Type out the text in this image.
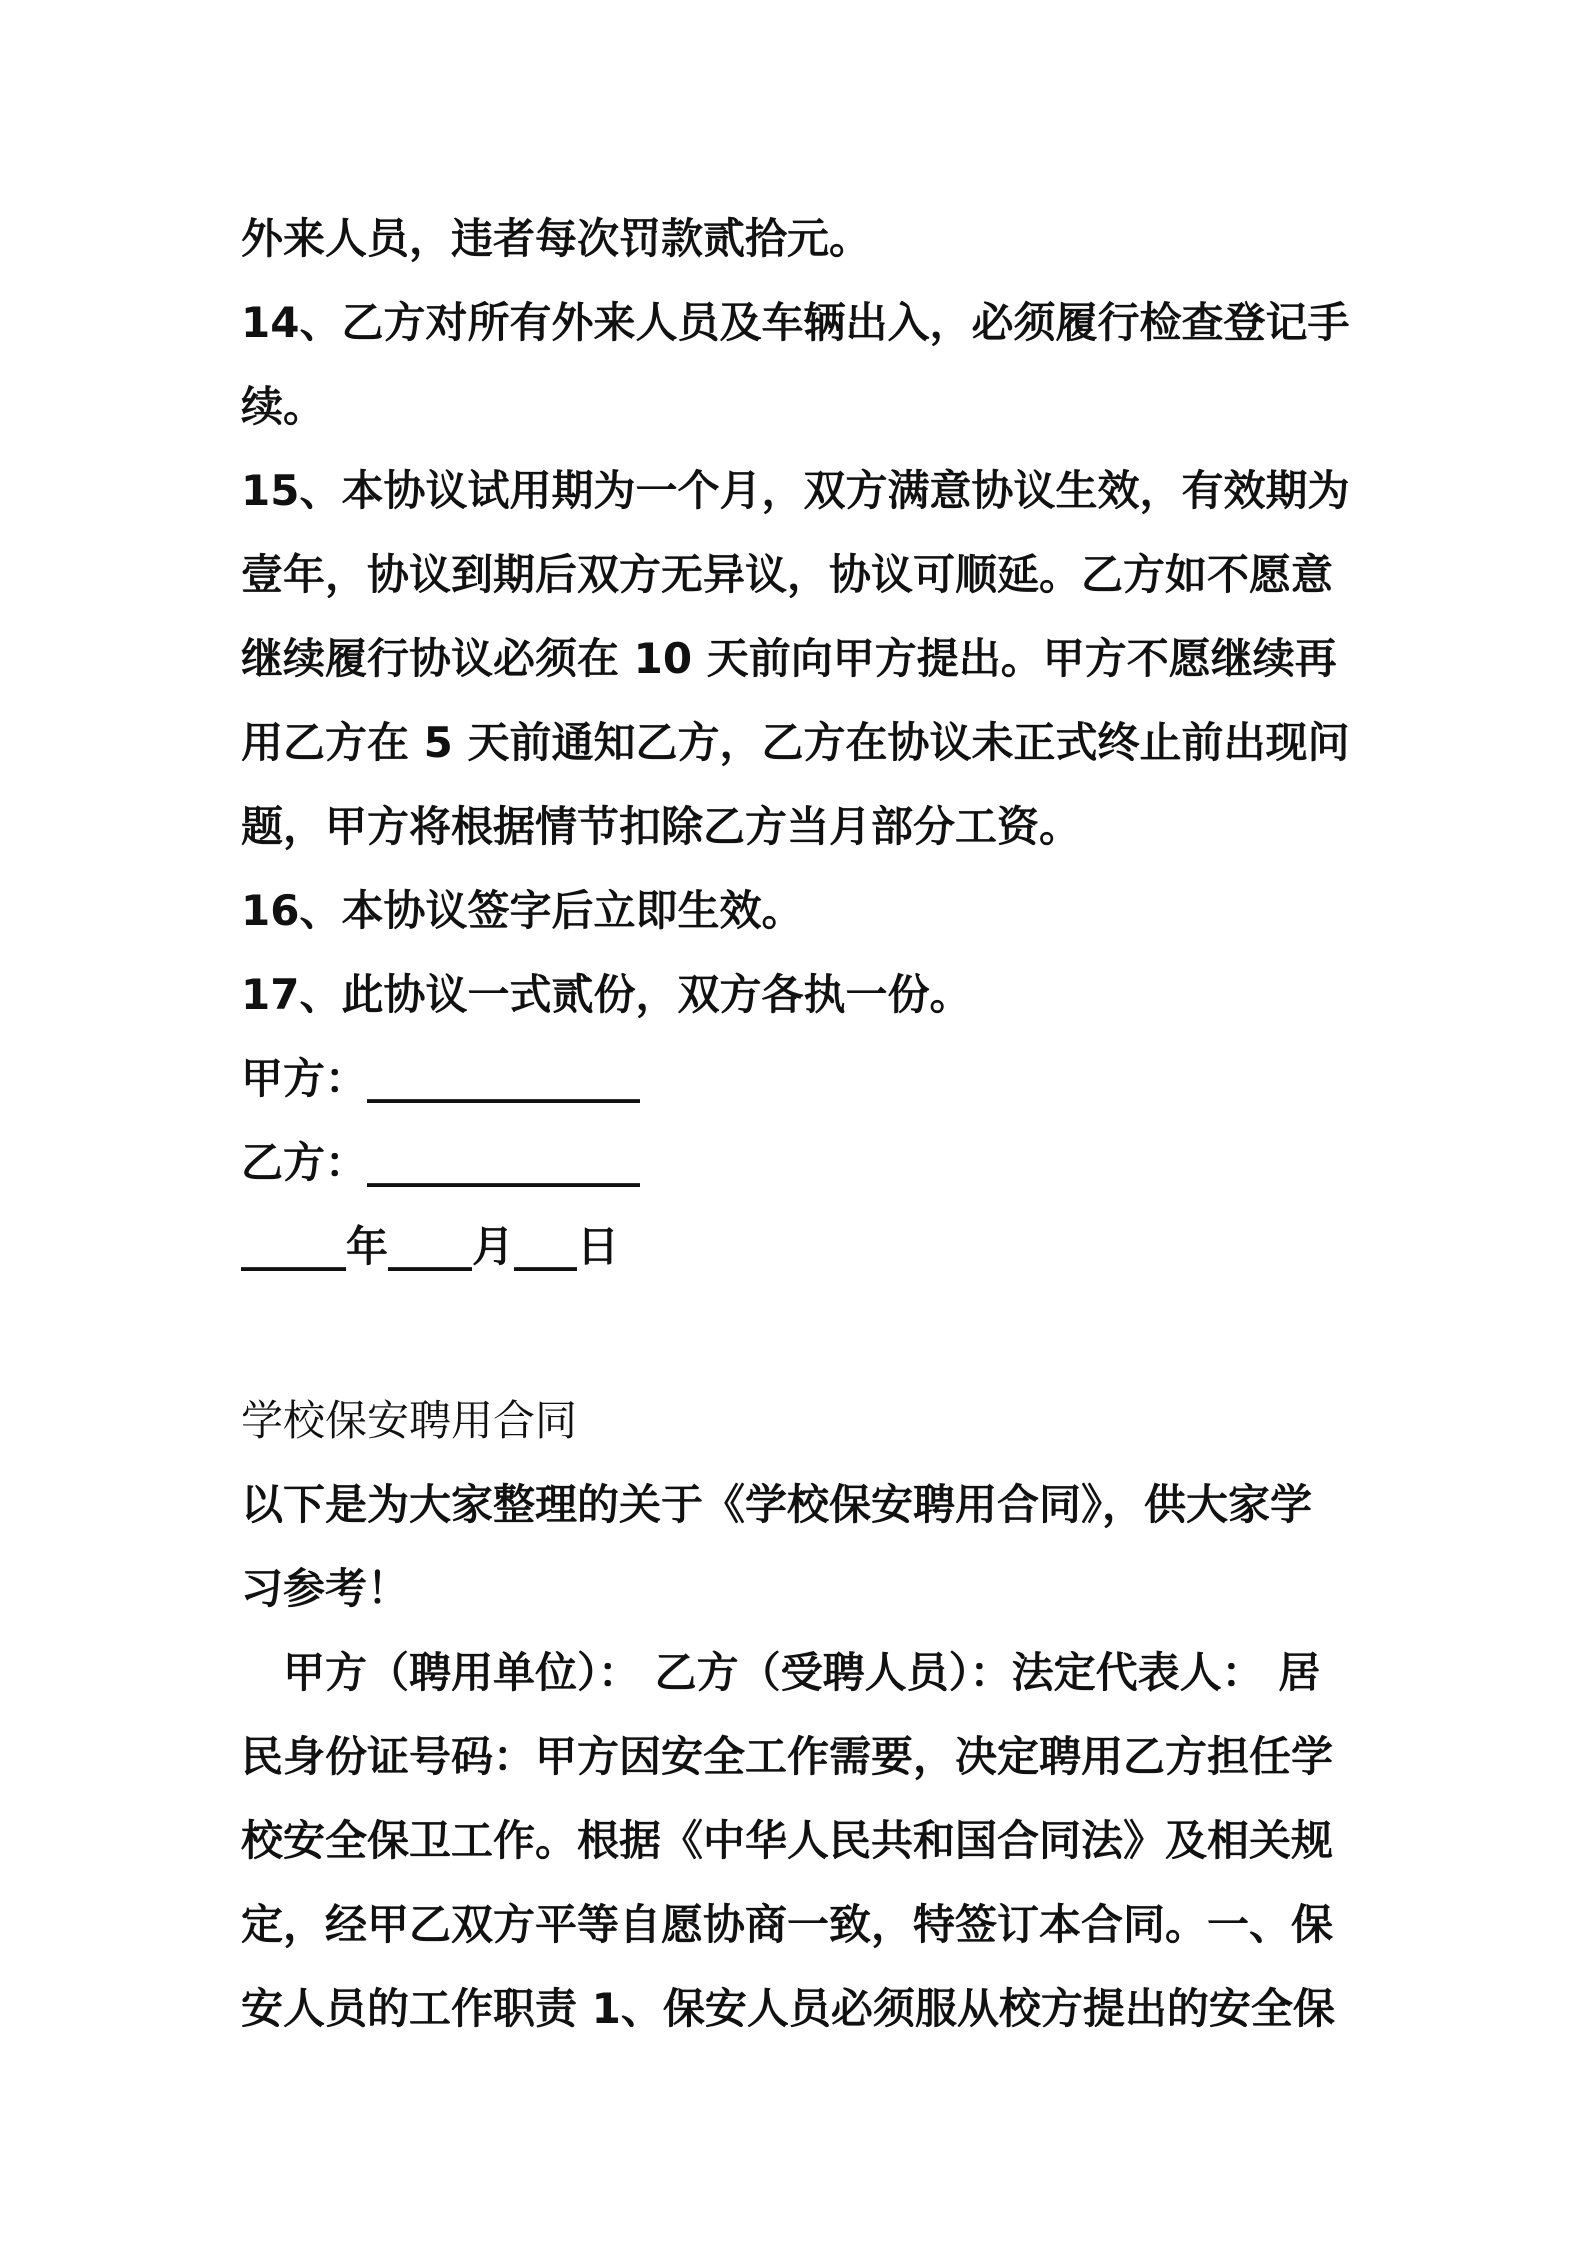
外来人员，违者每次罚款贰拾元。
14、乙方对所有外来人员及车辆出入，必须履行检查登记手
续。
15、本协议试用期为一个月，双方满意协议生效，有效期为
壹年，协议到期后双方无异议，协议可顺延。乙方如不愿意
继续履行协议必须在 10 天前向甲方提出。甲方不愿继续再
用乙方在 5 天前通知乙方，乙方在协议未正式终止前出现问
题，甲方将根据情节扣除乙方当月部分工资。
16、本协议签字后立即生效。
17、此协议一式贰份，双方各执一份。
甲方：_____________
乙方：_____________
_____年____月___日
学校保安聘用合同
以下是为大家整理的关于《学校保安聘用合同》，供大家学
习参考！
　甲方（聘用单位）： 乙方（受聘人员）：法定代表人： 居
民身份证号码：甲方因安全工作需要，决定聘用乙方担任学
校安全保卫工作。根据《中华人民共和国合同法》及相关规
定，经甲乙双方平等自愿协商一致，特签订本合同。一、保
安人员的工作职责 1、保安人员必须服从校方提出的安全保
